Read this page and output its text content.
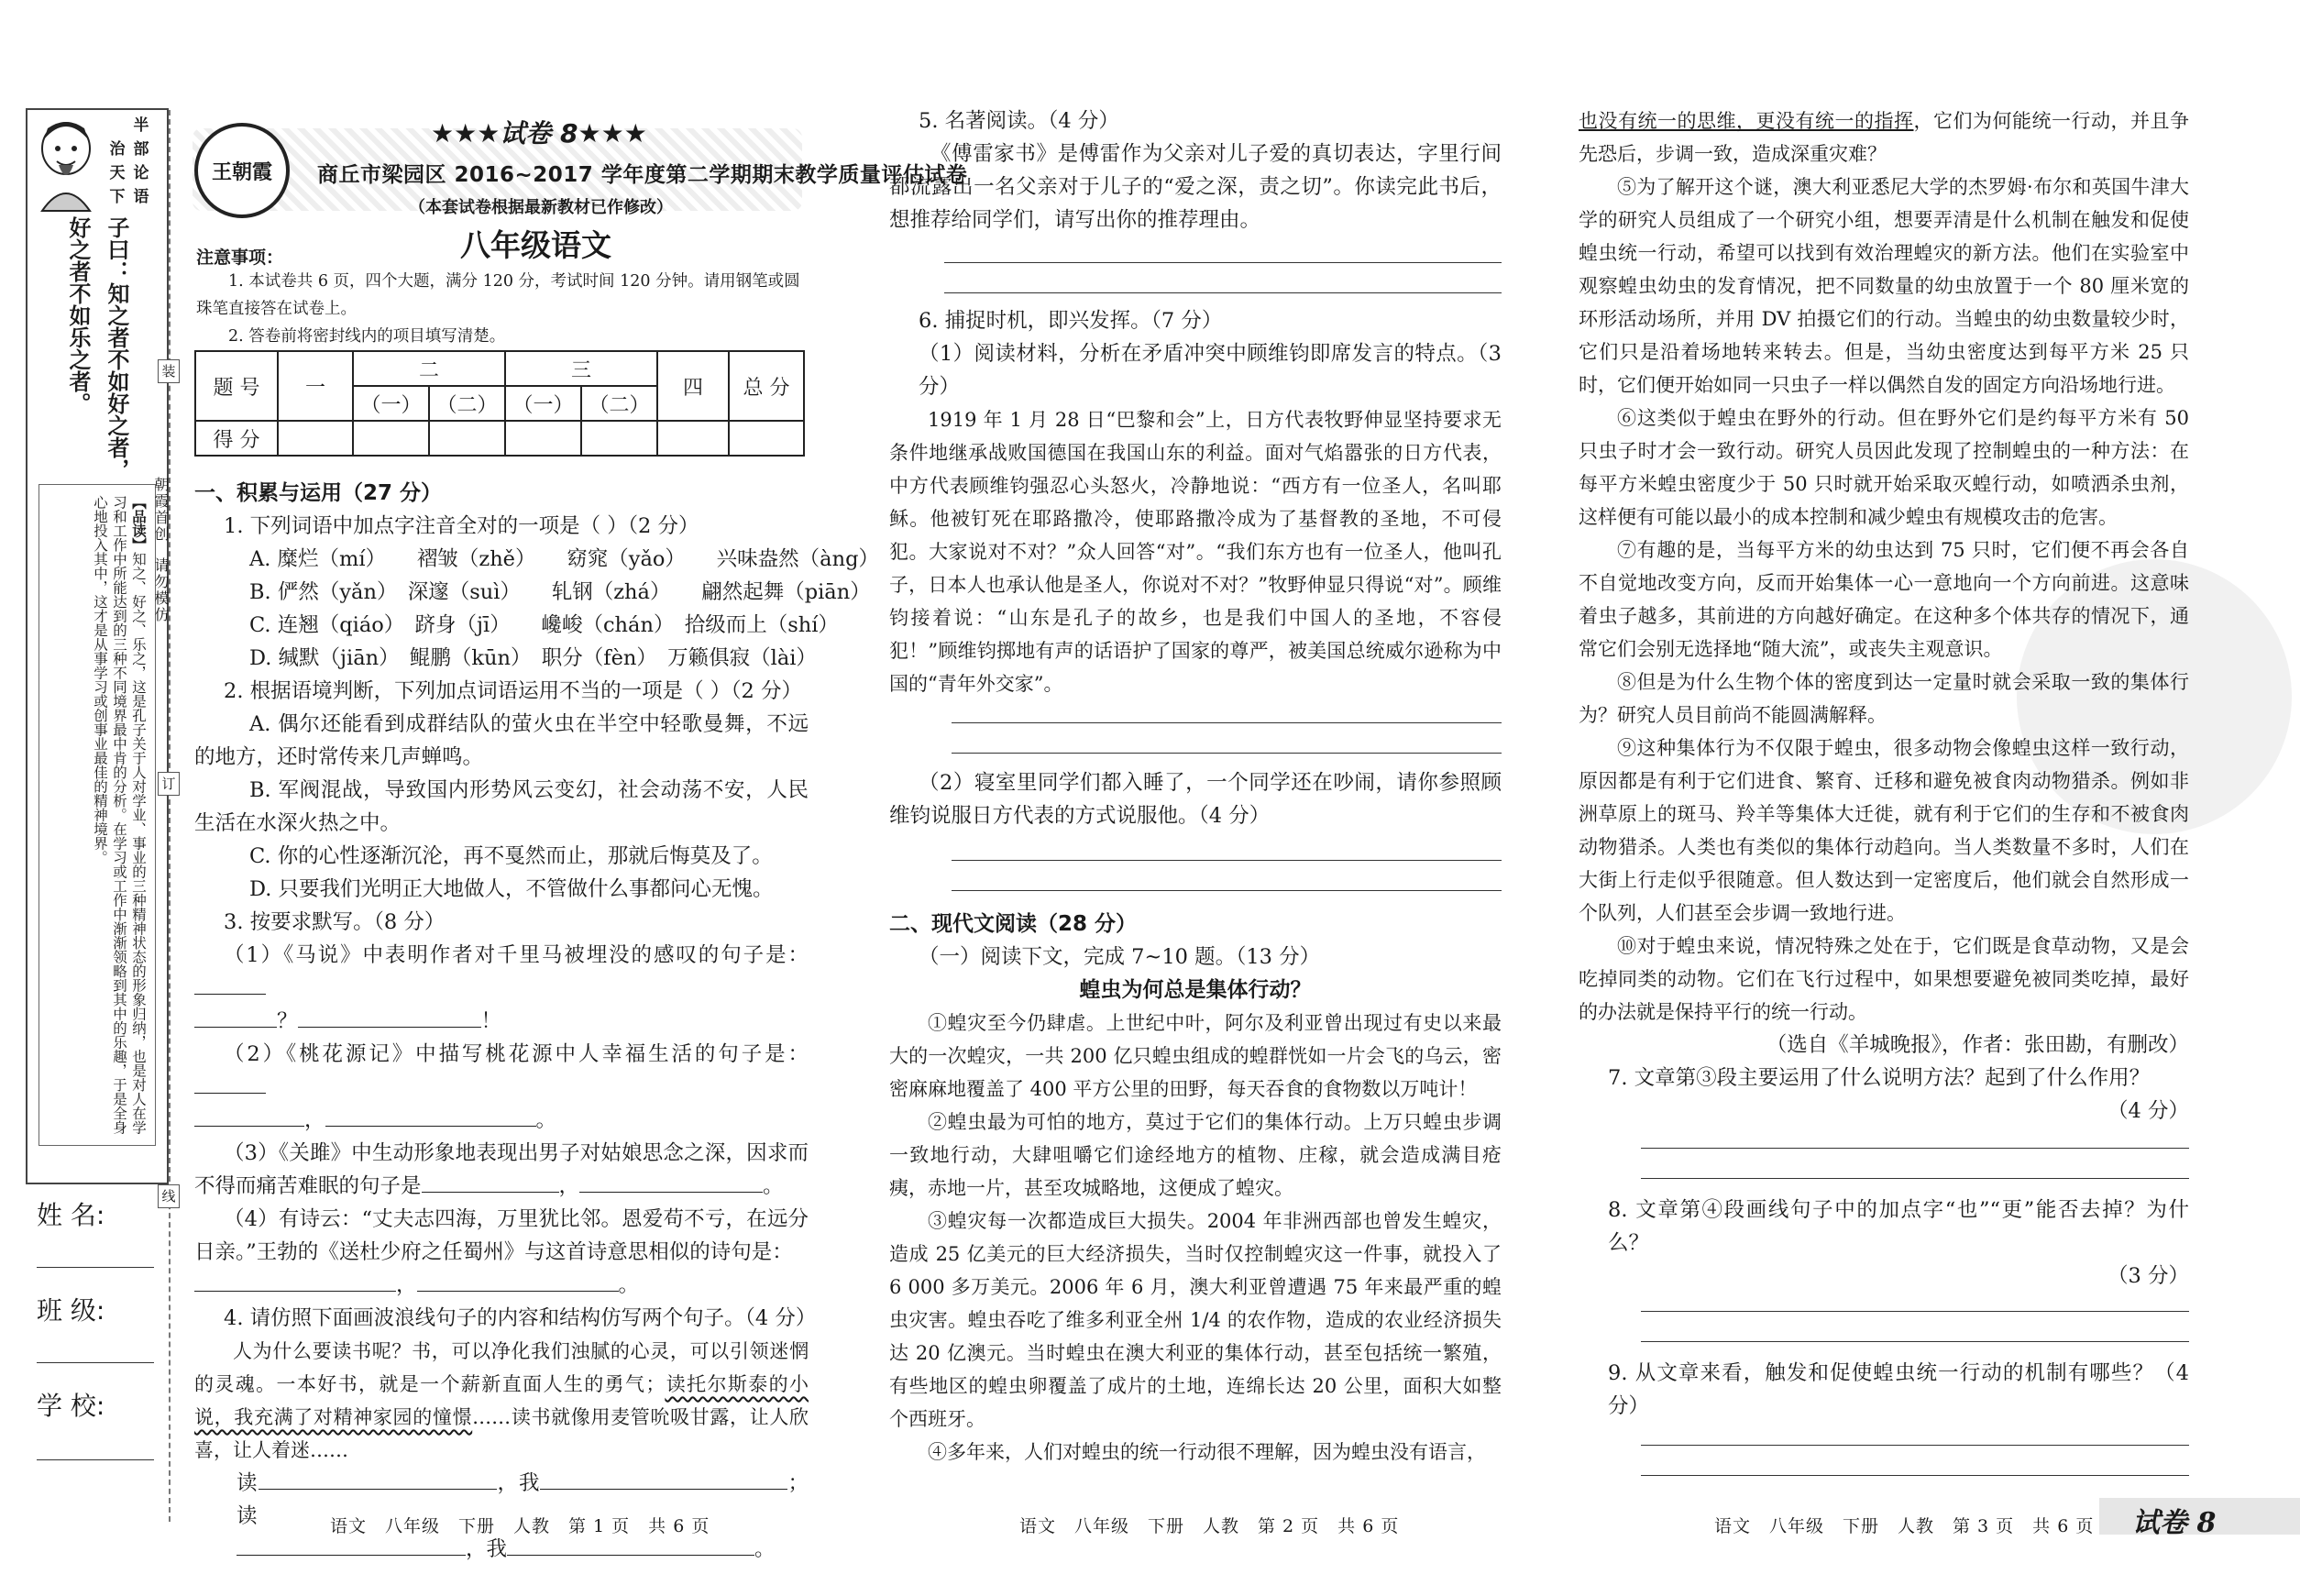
半
部
论
语
治
天
下
子曰：知之者不如好之者，好之者不如乐之者。
【品读】知之、好之、乐之，这是孔子关于人对学业、事业的三种精神状态的形象归纳，也是对人在学习和工作中所能达到的三种不同境界最中肯的分析。在学习或工作中渐渐领略到其中的乐趣，于是全身心地投入其中，这才是从事学习或创事业最佳的精神境界。
姓 名:
班 级:
学 校:
装
订
线
朝霞首创
请勿模仿
王朝霞
★★★试卷 8★★★
商丘市梁园区 2016~2017 学年度第二学期期末教学质量评估试卷
（本套试卷根据最新教材已作修改）
八年级语文
注意事项：
1. 本试卷共 6 页，四个大题，满分 120 分，考试时间 120 分钟。请用钢笔或圆珠笔直接答在试卷上。
2. 答卷前将密封线内的项目填写清楚。
题 号	一	二		三		四	总 分
		（一）	（二）	（一）	（二）		
得 分							

一、积累与运用（27 分）

1. 下列词语中加点字注音全对的一项是（ ）（2 分）

A. 糜烂（mí）　　褶皱（zhě）　　窈窕（yǎo）　　兴味盎然（àng）

B. 俨然（yǎn）　深邃（suì）　　轧钢（zhá）　　翩然起舞（piān）

C. 连翘（qiáo）　跻身（jī）　　巉峻（chán）　拾级而上（shí）

D. 缄默（jiān）　鲲鹏（kūn）　职分（fèn）　万籁俱寂（lài）

2. 根据语境判断，下列加点词语运用不当的一项是（ ）（2 分）

A. 偶尔还能看到成群结队的萤火虫在半空中轻歌曼舞，不远的地方，还时常传来几声蝉鸣。

B. 军阀混战，导致国内形势风云变幻，社会动荡不安，人民生活在水深火热之中。

C. 你的心性逐渐沉沦，再不戛然而止，那就后悔莫及了。

D. 只要我们光明正大地做人，不管做什么事都问心无愧。

3. 按要求默写。（8 分）

（1）《马说》中表明作者对千里马被埋没的感叹的句子是：

？	！

（2）《桃花源记》中描写桃花源中人幸福生活的句子是：

，	。

（3）《关雎》中生动形象地表现出男子对姑娘思念之深，因求而不得而痛苦难眠的句子是	，	。

（4）有诗云：“丈夫志四海，万里犹比邻。恩爱苟不亏，在远分日亲。”王勃的《送杜少府之任蜀州》与这首诗意思相似的诗句是：

，	。

4. 请仿照下面画波浪线句子的内容和结构仿写两个句子。（4 分）

人为什么要读书呢？书，可以净化我们浊腻的心灵，可以引领迷惘的灵魂。一本好书，就是一个薪新直面人生的勇气；读托尔斯泰的小说，我充满了对精神家园的憧憬……读书就像用麦管吮吸甘露，让人欣喜，让人着迷……

读	，我	；读

，我	。

语文　八年级　下册　人教　第 1 页　共 6 页

5. 名著阅读。（4 分）

《傅雷家书》是傅雷作为父亲对儿子爱的真切表达，字里行间都流露出一名父亲对于儿子的“爱之深，责之切”。你读完此书后，想推荐给同学们，请写出你的推荐理由。

6. 捕捉时机，即兴发挥。（7 分）

（1）阅读材料，分析在矛盾冲突中顾维钧即席发言的特点。（3 分）

1919 年 1 月 28 日“巴黎和会”上，日方代表牧野伸显坚持要求无条件地继承战败国德国在我国山东的利益。面对气焰嚣张的日方代表，中方代表顾维钧强忍心头怒火，冷静地说：“西方有一位圣人，名叫耶稣。他被钉死在耶路撒冷，使耶路撒冷成为了基督教的圣地，不可侵犯。大家说对不对？”众人回答“对”。“我们东方也有一位圣人，他叫孔子，日本人也承认他是圣人，你说对不对？”牧野伸显只得说“对”。顾维钧接着说：“山东是孔子的故乡，也是我们中国人的圣地，不容侵犯！”顾维钧掷地有声的话语护了国家的尊严，被美国总统威尔逊称为中国的“青年外交家”。

（2）寝室里同学们都入睡了，一个同学还在吵闹，请你参照顾维钧说服日方代表的方式说服他。（4 分）

二、现代文阅读（28 分）

（一）阅读下文，完成 7~10 题。（13 分）

蝗虫为何总是集体行动？

①蝗灾至今仍肆虐。上世纪中叶，阿尔及利亚曾出现过有史以来最大的一次蝗灾，一共 200 亿只蝗虫组成的蝗群恍如一片会飞的乌云，密密麻麻地覆盖了 400 平方公里的田野，每天吞食的食物数以万吨计！

②蝗虫最为可怕的地方，莫过于它们的集体行动。上万只蝗虫步调一致地行动，大肆咀嚼它们途经地方的植物、庄稼，就会造成满目疮痍，赤地一片，甚至攻城略地，这便成了蝗灾。

③蝗灾每一次都造成巨大损失。2004 年非洲西部也曾发生蝗灾，造成 25 亿美元的巨大经济损失，当时仅控制蝗灾这一件事，就投入了 6 000 多万美元。2006 年 6 月，澳大利亚曾遭遇 75 年来最严重的蝗虫灾害。蝗虫吞吃了维多利亚全州 1/4 的农作物，造成的农业经济损失达 20 亿澳元。当时蝗虫在澳大利亚的集体行动，甚至包括统一繁殖，有些地区的蝗虫卵覆盖了成片的土地，连绵长达 20 公里，面积大如整个西班牙。

④多年来，人们对蝗虫的统一行动很不理解，因为蝗虫没有语言，

语文　八年级　下册　人教　第 2 页　共 6 页

也没有统一的思维，更没有统一的指挥，它们为何能统一行动，并且争先恐后，步调一致，造成深重灾难？

⑤为了解开这个谜，澳大利亚悉尼大学的杰罗姆·布尔和英国牛津大学的研究人员组成了一个研究小组，想要弄清是什么机制在触发和促使蝗虫统一行动，希望可以找到有效治理蝗灾的新方法。他们在实验室中观察蝗虫幼虫的发育情况，把不同数量的幼虫放置于一个 80 厘米宽的环形活动场所，并用 DV 拍摄它们的行动。当蝗虫的幼虫数量较少时，它们只是沿着场地转来转去。但是，当幼虫密度达到每平方米 25 只时，它们便开始如同一只虫子一样以偶然自发的固定方向沿场地行进。

⑥这类似于蝗虫在野外的行动。但在野外它们是约每平方米有 50 只虫子时才会一致行动。研究人员因此发现了控制蝗虫的一种方法：在每平方米蝗虫密度少于 50 只时就开始采取灭蝗行动，如喷洒杀虫剂，这样便有可能以最小的成本控制和减少蝗虫有规模攻击的危害。

⑦有趣的是，当每平方米的幼虫达到 75 只时，它们便不再会各自不自觉地改变方向，反而开始集体一心一意地向一个方向前进。这意味着虫子越多，其前进的方向越好确定。在这种多个体共存的情况下，通常它们会别无选择地“随大流”，或丧失主观意识。

⑧但是为什么生物个体的密度到达一定量时就会采取一致的集体行为？研究人员目前尚不能圆满解释。

⑨这种集体行为不仅限于蝗虫，很多动物会像蝗虫这样一致行动，原因都是有利于它们进食、繁育、迁移和避免被食肉动物猎杀。例如非洲草原上的斑马、羚羊等集体大迁徙，就有利于它们的生存和不被食肉动物猎杀。人类也有类似的集体行动趋向。当人类数量不多时，人们在大街上行走似乎很随意。但人数达到一定密度后，他们就会自然形成一个队列，人们甚至会步调一致地行进。

⑩对于蝗虫来说，情况特殊之处在于，它们既是食草动物，又是会吃掉同类的动物。它们在飞行过程中，如果想要避免被同类吃掉，最好的办法就是保持平行的统一行动。

（选自《羊城晚报》，作者：张田勘，有删改）

7. 文章第③段主要运用了什么说明方法？起到了什么作用？

（4 分）

8. 文章第④段画线句子中的加点字“也”“更”能否去掉？为什么？

（3 分）

9. 从文章来看，触发和促使蝗虫统一行动的机制有哪些？（4 分）

语文　八年级　下册　人教　第 3 页　共 6 页 试卷 8
